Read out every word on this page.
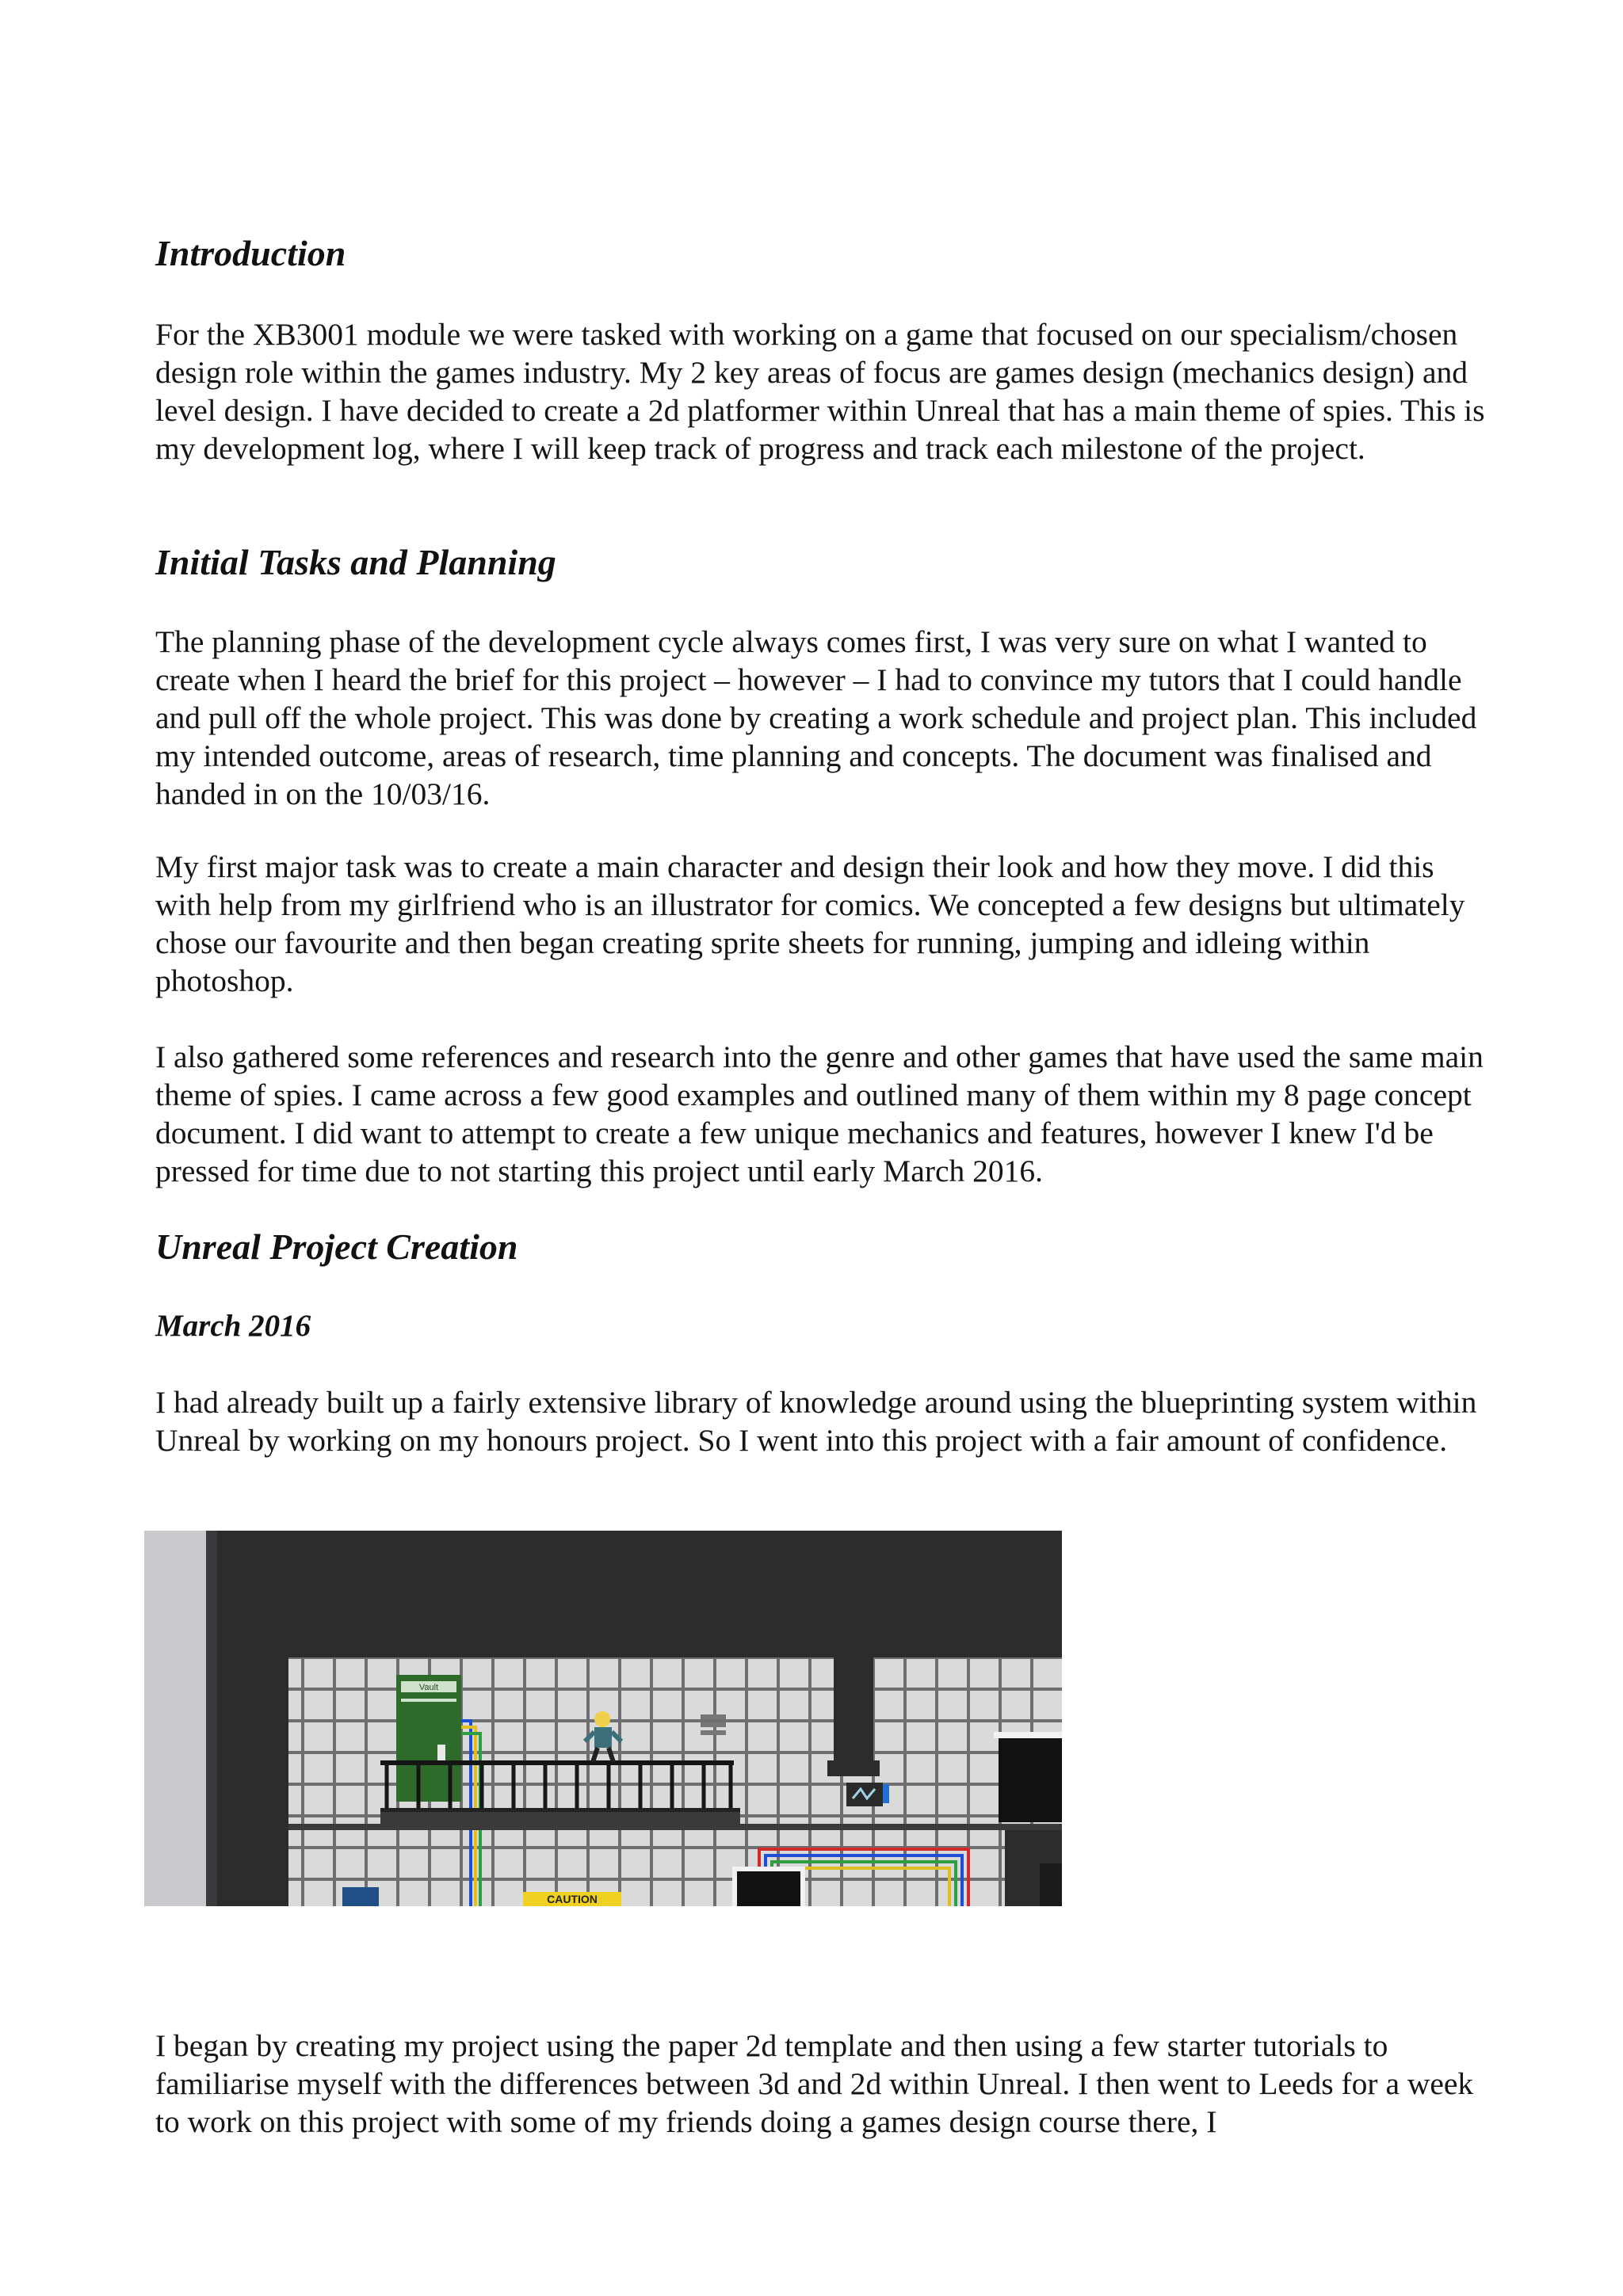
Introduction

For the XB3001 module we were tasked with working on a game that focused on our specialism/chosen design role within the games industry. My 2 key areas of focus are games design (mechanics design) and level design. I have decided to create a 2d platformer within Unreal that has a main theme of spies. This is my development log, where I will keep track of progress and track each milestone of the project.

Initial Tasks and Planning

The planning phase of the development cycle always comes first, I was very sure on what I wanted to create when I heard the brief for this project – however – I had to convince my tutors that I could handle and pull off the whole project. This was done by creating a work schedule and project plan. This included my intended outcome, areas of research, time planning and concepts. The document was finalised and handed in on the 10/03/16.

My first major task was to create a main character and design their look and how they move. I did this with help from my girlfriend who is an illustrator for comics. We concepted a few designs but ultimately chose our favourite and then began creating sprite sheets for running, jumping and idleing within photoshop.

I also gathered some references and research into the genre and other games that have used the same main theme of spies. I came across a few good examples and outlined many of them within my 8 page concept document. I did want to attempt to create a few unique mechanics and features, however I knew I'd be pressed for time due to not starting this project until early March 2016.

Unreal Project Creation
March 2016

I had already built up a fairly extensive library of knowledge around using the blueprinting system within Unreal by working on my honours project. So I went into this project with a fair amount of confidence.

Vault
CAUTION

I began by creating my project using the paper 2d template and then using a few starter tutorials to familiarise myself with the differences between 3d and 2d within Unreal. I then went to Leeds for a week to work on this project with some of my friends doing a games design course there, I
